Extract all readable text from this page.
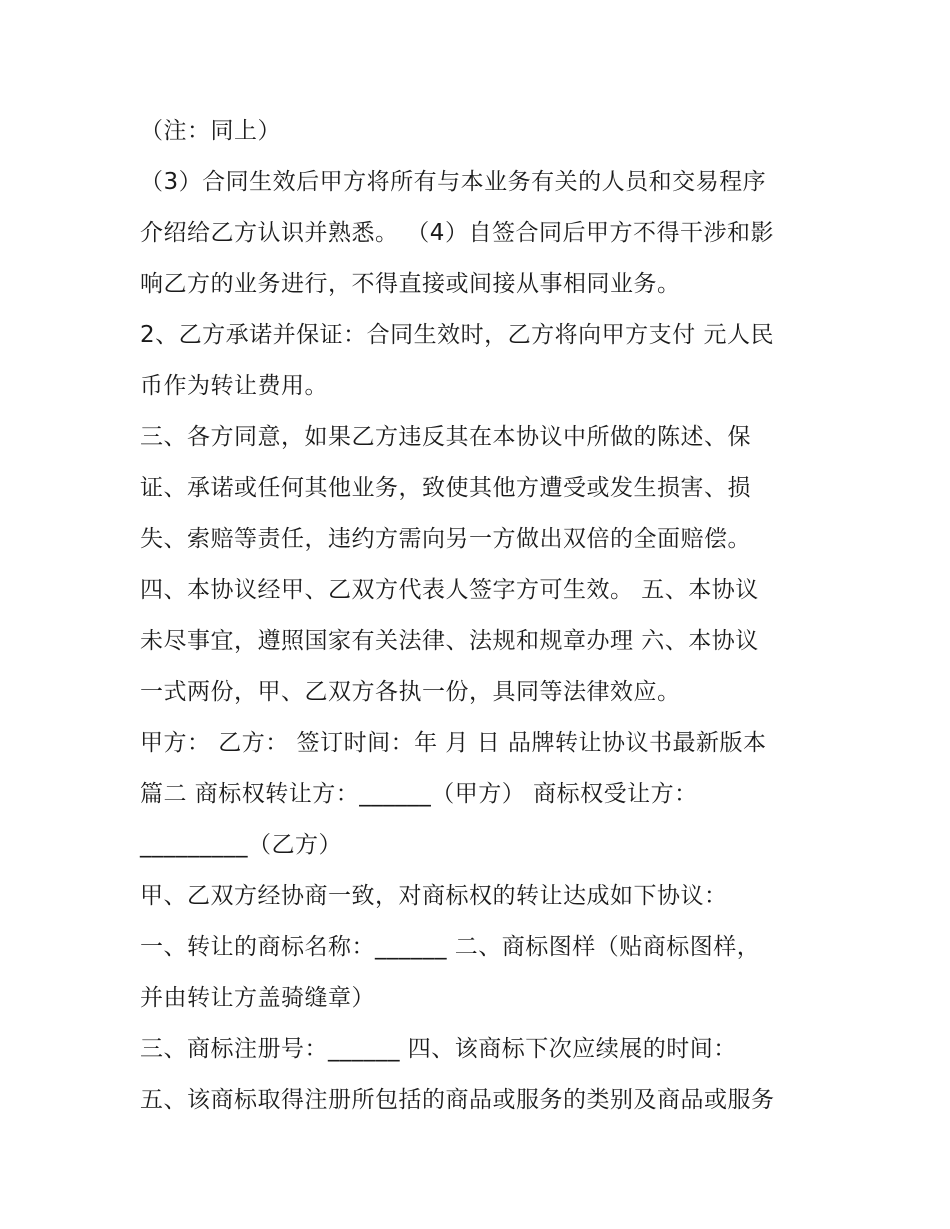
（注：同上）
（3）合同生效后甲方将所有与本业务有关的人员和交易程序
介绍给乙方认识并熟悉。 （4）自签合同后甲方不得干涉和影
响乙方的业务进行，不得直接或间接从事相同业务。
2、乙方承诺并保证：合同生效时，乙方将向甲方支付 元人民
币作为转让费用。
三、各方同意，如果乙方违反其在本协议中所做的陈述、保
证、承诺或任何其他业务，致使其他方遭受或发生损害、损
失、索赔等责任，违约方需向另一方做出双倍的全面赔偿。
四、本协议经甲、乙双方代表人签字方可生效。 五、本协议
未尽事宜，遵照国家有关法律、法规和规章办理 六、本协议
一式两份，甲、乙双方各执一份，具同等法律效应。
甲方： 乙方： 签订时间：年 月 日 品牌转让协议书最新版本
篇二 商标权转让方：______（甲方） 商标权受让方：
_________（乙方）
甲、乙双方经协商一致，对商标权的转让达成如下协议：
一、转让的商标名称：______ 二、商标图样（贴商标图样，
并由转让方盖骑缝章）
三、商标注册号：______ 四、该商标下次应续展的时间：
五、该商标取得注册所包括的商品或服务的类别及商品或服务
